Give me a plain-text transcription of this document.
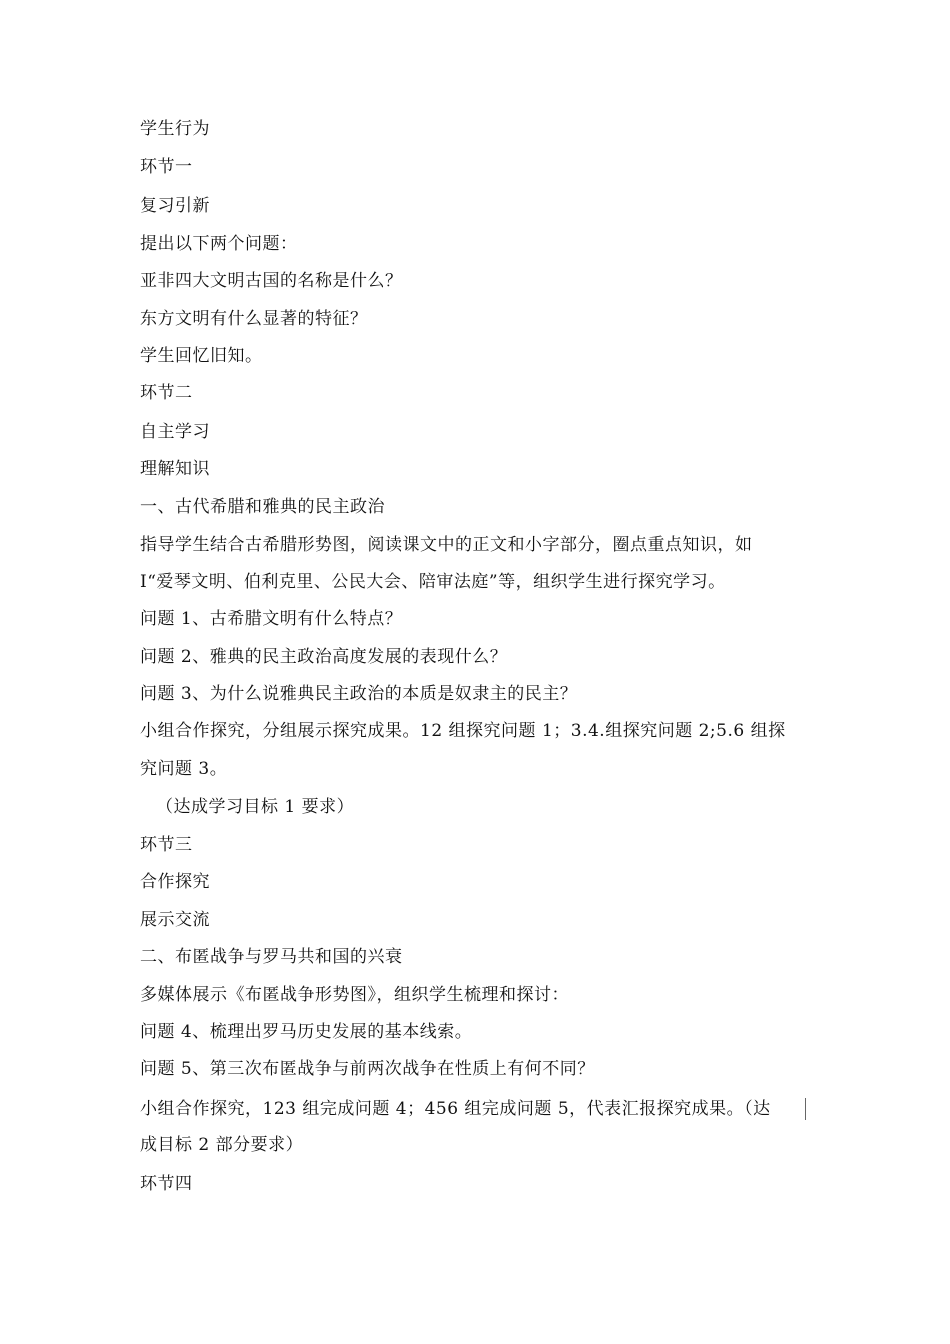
学生行为
环节一
复习引新
提出以下两个问题：
亚非四大文明古国的名称是什么？
东方文明有什么显著的特征？
学生回忆旧知。
环节二
自主学习
理解知识
一、古代希腊和雅典的民主政治
指导学生结合古希腊形势图，阅读课文中的正文和小字部分，圈点重点知识，如
I“爱琴文明、伯利克里、公民大会、陪审法庭”等，组织学生进行探究学习。
问题 1、古希腊文明有什么特点？
问题 2、雅典的民主政治高度发展的表现什么？
问题 3、为什么说雅典民主政治的本质是奴隶主的民主？
小组合作探究，分组展示探究成果。12 组探究问题 1；3.4.组探究问题 2;5.6 组探
究问题 3。
（达成学习目标 1 要求）
环节三
合作探究
展示交流
二、布匿战争与罗马共和国的兴衰
多媒体展示《布匿战争形势图》，组织学生梳理和探讨：
问题 4、梳理出罗马历史发展的基本线索。
问题 5、第三次布匿战争与前两次战争在性质上有何不同？
小组合作探究，123 组完成问题 4；456 组完成问题 5，代表汇报探究成果。（达
成目标 2 部分要求）
环节四
